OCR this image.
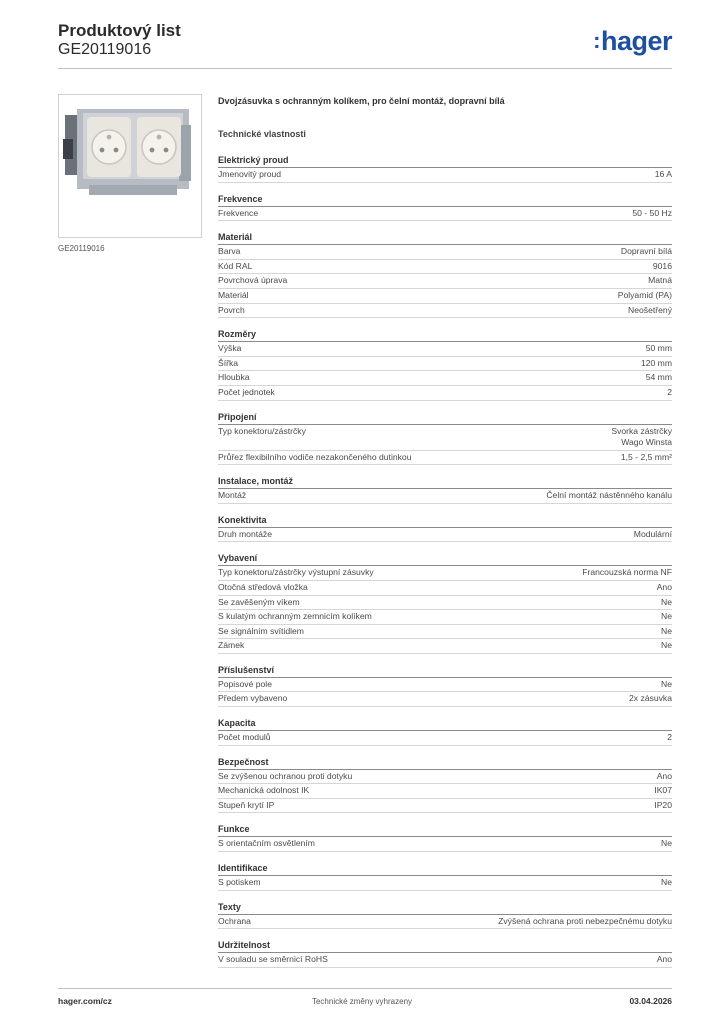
Produktový list
GE20119016	:hager
GE20119016
Dvojzásuvka s ochranným kolíkem, pro čelní montáž, dopravní bílá
Technické vlastnosti
Elektrický proud
Jmenovitý proud	16 A
Frekvence
Frekvence	50 - 50 Hz
Materiál
Barva	Dopravní bílá
Kód RAL	9016
Povrchová úprava	Matná
Materiál	Polyamid (PA)
Povrch	Neošetřený
Rozměry
Výška	50 mm
Šířka	120 mm
Hloubka	54 mm
Počet jednotek	2
Připojení
Typ konektoru/zástrčky	Svorka zástrčky
Wago Winsta
Průřez flexibilního vodiče nezakončeného dutinkou	1,5 - 2,5 mm²
Instalace, montáž
Montáž	Čelní montáž nástěnného kanálu
Konektivita
Druh montáže	Modulární
Vybavení
Typ konektoru/zástrčky výstupní zásuvky	Francouzská norma NF
Otočná středová vložka	Ano
Se zavěšeným víkem	Ne
S kulatým ochranným zemnicím kolíkem	Ne
Se signálním svítidlem	Ne
Zámek	Ne
Příslušenství
Popisové pole	Ne
Předem vybaveno	2x zásuvka
Kapacita
Počet modulů	2
Bezpečnost
Se zvýšenou ochranou proti dotyku	Ano
Mechanická odolnost IK	IK07
Stupeň krytí IP	IP20
Funkce
S orientačním osvětlením	Ne
Identifikace
S potiskem	Ne
Texty
Ochrana	Zvýšená ochrana proti nebezpečnému dotyku
Udržitelnost
V souladu se směrnicí RoHS	Ano
hager.com/cz	Technické změny vyhrazeny	03.04.2026
